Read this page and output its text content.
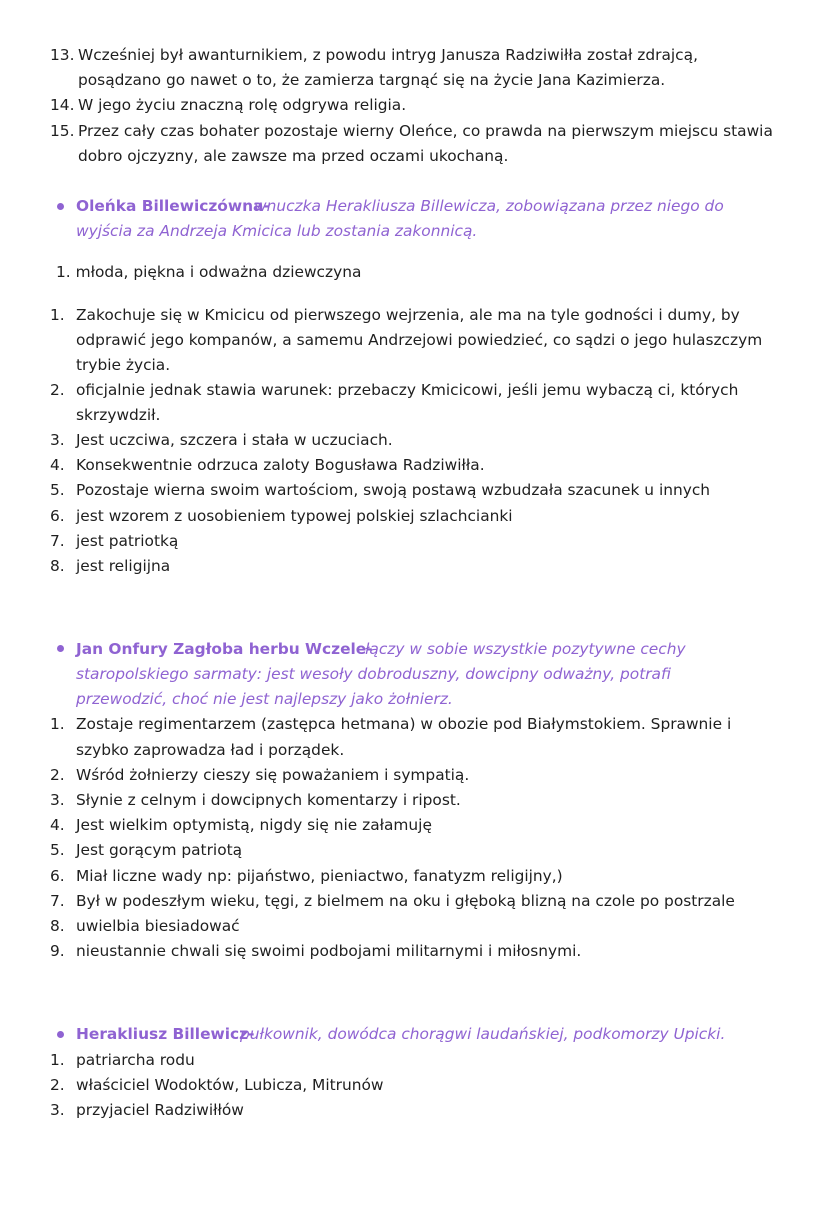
13. Wcześniej był awanturnikiem, z powodu intryg Janusza Radziwiłła został zdrajcą,
posądzano go nawet o to, że zamierza targnąć się na życie Jana Kazimierza.
14. W jego życiu znaczną rolę odgrywa religia.
15. Przez cały czas bohater pozostaje wierny Oleńce, co prawda na pierwszym miejscu stawia
dobro ojczyzny, ale zawsze ma przed oczami ukochaną.
Oleńka Billewiczówna-
wnuczka Herakliusza Billewicza, zobowiązana przez niego do
wyjścia za Andrzeja Kmicica lub zostania zakonnicą.
1. młoda, piękna i odważna dziewczyna
1. Zakochuje się w Kmicicu od pierwszego wejrzenia, ale ma na tyle godności i dumy, by
odprawić jego kompanów, a samemu Andrzejowi powiedzieć, co sądzi o jego hulaszczym
trybie życia.
2. oficjalnie jednak stawia warunek: przebaczy Kmicicowi, jeśli jemu wybaczą ci, których
skrzywdził.
3. Jest uczciwa, szczera i stała w uczuciach.
4. Konsekwentnie odrzuca zaloty Bogusława Radziwiłła.
5. Pozostaje wierna swoim wartościom, swoją postawą wzbudzała szacunek u innych
6. jest wzorem z uosobieniem typowej polskiej szlachcianki
7. jest patriotką
8. jest religijna
Jan Onfury Zagłoba herbu Wczele-
łączy w sobie wszystkie pozytywne cechy
staropolskiego sarmaty: jest wesoły dobroduszny, dowcipny odważny, potrafi
przewodzić, choć nie jest najlepszy jako żołnierz.
1. Zostaje regimentarzem (zastępca hetmana) w obozie pod Białymstokiem. Sprawnie i
szybko zaprowadza ład i porządek.
2. Wśród żołnierzy cieszy się poważaniem i sympatią.
3. Słynie z celnym i dowcipnych komentarzy i ripost.
4. Jest wielkim optymistą, nigdy się nie załamuję
5. Jest gorącym patriotą
6. Miał liczne wady np: pijaństwo, pieniactwo, fanatyzm religijny,)
7. Był w podeszłym wieku, tęgi, z bielmem na oku i głęboką blizną na czole po postrzale
8. uwielbia biesiadować
9. nieustannie chwali się swoimi podbojami militarnymi i miłosnymi.
Herakliusz Billewicz-
pułkownik, dowódca chorągwi laudańskiej, podkomorzy Upicki.
1. patriarcha rodu
2. właściciel Wodoktów, Lubicza, Mitrunów
3. przyjaciel Radziwiłłów
